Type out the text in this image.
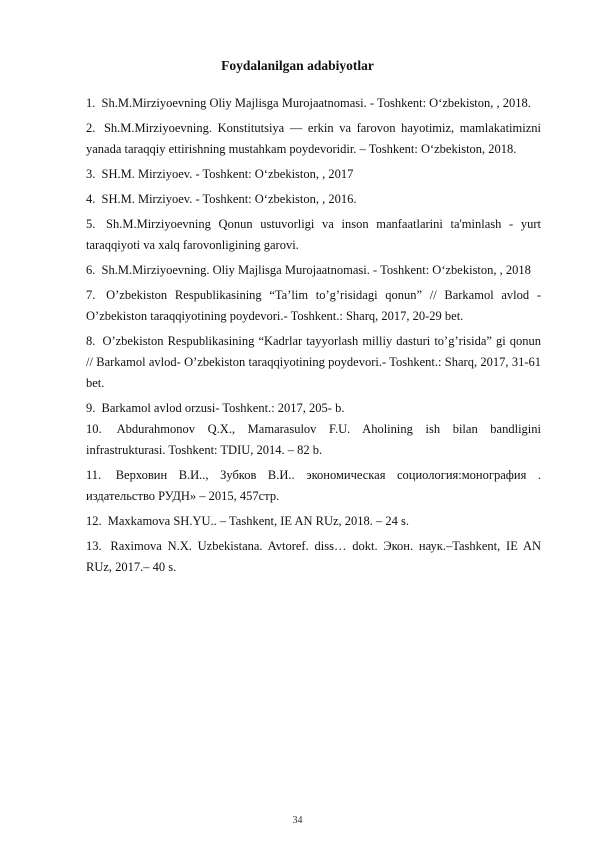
Foydalanilgan adabiyotlar

1. Sh.M.Mirziyoevning Oliy Majlisga Murojaatnomasi. - Toshkent: O‘zbekiston, , 2018.

2. Sh.M.Mirziyoevning. Konstitutsiya — erkin va farovon hayotimiz, mamlakatimizni yanada taraqqiy ettirishning mustahkam poydevoridir. – Toshkent: O‘zbekiston, 2018.

3. SH.M. Mirziyoev. - Toshkent: O‘zbekiston, , 2017

4. SH.M. Mirziyoev. - Toshkent: O‘zbekiston, , 2016.

5. Sh.M.Mirziyoevning Qonun ustuvorligi va inson manfaatlarini ta'minlash - yurt taraqqiyoti va xalq farovonligining garovi.

6. Sh.M.Mirziyoevning. Oliy Majlisga Murojaatnomasi. - Toshkent: O‘zbekiston, , 2018

7. O’zbekiston Respublikasining “Ta’lim to’g’risidagi qonun” // Barkamol avlod - O’zbekiston taraqqiyotining poydevori.- Toshkent.: Sharq, 2017, 20-29 bet.

8. O’zbekiston Respublikasining “Kadrlar tayyorlash milliy dasturi to’g’risida” gi qonun // Barkamol avlod- O’zbekiston taraqqiyotining poydevori.- Toshkent.: Sharq, 2017, 31-61 bet.

9. Barkamol avlod orzusi- Toshkent.: 2017, 205- b.

10. Abdurahmonov Q.X., Mamarasulov F.U. Aholining ish bilan bandligini infrastrukturasi. Toshkent: TDIU, 2014. – 82 b.

11. Верховин В.И.., Зубков В.И.. экономическая социология:монография . издательство РУДН» – 2015, 457стр.

12. Maxkamova SH.YU.. – Tashkent, IE AN RUz, 2018. – 24 s.

13. Raximova N.X. Uzbekistana. Avtoref. diss… dokt. Экон. наук.–Tashkent, IE AN RUz, 2017.– 40 s.

34
